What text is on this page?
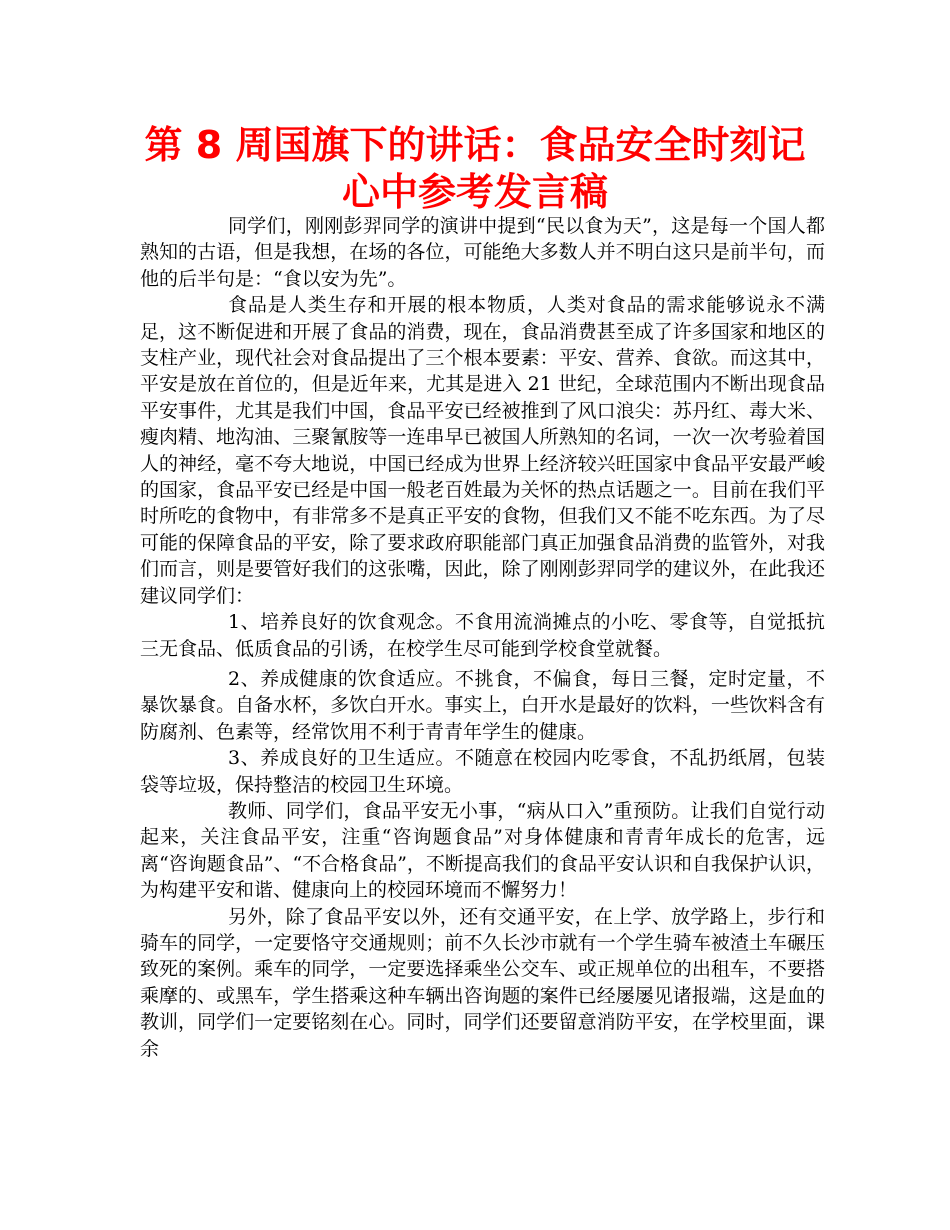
第 8 周国旗下的讲话：食品安全时刻记心中参考发言稿

同学们，刚刚彭羿同学的演讲中提到“民以食为天”，这是每一个国人都熟知的古语，但是我想，在场的各位，可能绝大多数人并不明白这只是前半句，而他的后半句是：“食以安为先”。

食品是人类生存和开展的根本物质，人类对食品的需求能够说永不满足，这不断促进和开展了食品的消费，现在，食品消费甚至成了许多国家和地区的支柱产业，现代社会对食品提出了三个根本要素：平安、营养、食欲。而这其中，平安是放在首位的，但是近年来，尤其是进入 21 世纪，全球范围内不断出现食品平安事件，尤其是我们中国，食品平安已经被推到了风口浪尖：苏丹红、毒大米、瘦肉精、地沟油、三聚氰胺等一连串早已被国人所熟知的名词，一次一次考验着国人的神经，毫不夸大地说，中国已经成为世界上经济较兴旺国家中食品平安最严峻的国家，食品平安已经是中国一般老百姓最为关怀的热点话题之一。目前在我们平时所吃的食物中，有非常多不是真正平安的食物，但我们又不能不吃东西。为了尽可能的保障食品的平安，除了要求政府职能部门真正加强食品消费的监管外，对我们而言，则是要管好我们的这张嘴，因此，除了刚刚彭羿同学的建议外，在此我还建议同学们：

1、培养良好的饮食观念。不食用流淌摊点的小吃、零食等，自觉抵抗三无食品、低质食品的引诱，在校学生尽可能到学校食堂就餐。

2、养成健康的饮食适应。不挑食，不偏食，每日三餐，定时定量，不暴饮暴食。自备水杯，多饮白开水。事实上，白开水是最好的饮料，一些饮料含有防腐剂、色素等，经常饮用不利于青青年学生的健康。

3、养成良好的卫生适应。不随意在校园内吃零食，不乱扔纸屑，包装袋等垃圾，保持整洁的校园卫生环境。

教师、同学们，食品平安无小事，“病从口入”重预防。让我们自觉行动起来，关注食品平安，注重“咨询题食品”对身体健康和青青年成长的危害，远离“咨询题食品”、“不合格食品”，不断提高我们的食品平安认识和自我保护认识，为构建平安和谐、健康向上的校园环境而不懈努力！

另外，除了食品平安以外，还有交通平安，在上学、放学路上，步行和骑车的同学，一定要恪守交通规则；前不久长沙市就有一个学生骑车被渣土车碾压致死的案例。乘车的同学，一定要选择乘坐公交车、或正规单位的出租车，不要搭乘摩的、或黑车，学生搭乘这种车辆出咨询题的案件已经屡屡见诸报端，这是血的教训，同学们一定要铭刻在心。同时，同学们还要留意消防平安，在学校里面，课余
